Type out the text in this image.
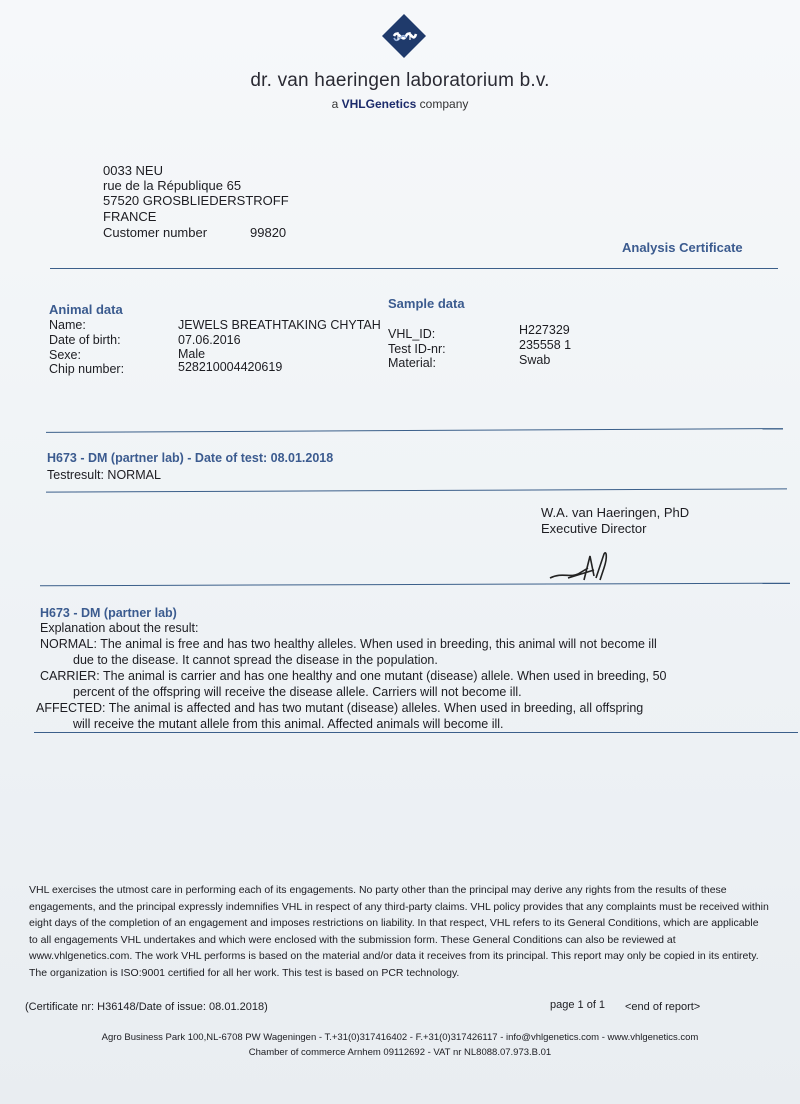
dr. van haeringen laboratorium b.v.
a VHLGenetics company
0033 NEU
rue de la République 65
57520 GROSBLIEDERSTROFF
FRANCE
Customer number	99820
Analysis Certificate
Animal data
Name:	JEWELS BREATHTAKING CHYTAH
Date of birth:	07.06.2016
Sexe:	Male
Chip number:	528210004420619
Sample data
VHL_ID:	H227329
Test ID-nr:	235558 1
Material:	Swab
H673 - DM (partner lab) - Date of test: 08.01.2018
Testresult: NORMAL
W.A. van Haeringen, PhD
Executive Director
H673 - DM (partner lab)
Explanation about the result:
NORMAL: The animal is free and has two healthy alleles. When used in breeding, this animal will not become ill
due to the disease. It cannot spread the disease in the population.
CARRIER: The animal is carrier and has one healthy and one mutant (disease) allele. When used in breeding, 50
percent of the offspring will receive the disease allele. Carriers will not become ill.
AFFECTED: The animal is affected and has two mutant (disease) alleles. When used in breeding, all offspring
will receive the mutant allele from this animal. Affected animals will become ill.
VHL exercises the utmost care in performing each of its engagements. No party other than the principal may derive any rights from the results of these engagements, and the principal expressly indemnifies VHL in respect of any third-party claims. VHL policy provides that any complaints must be received within eight days of the completion of an engagement and imposes restrictions on liability. In that respect, VHL refers to its General Conditions, which are applicable to all engagements VHL undertakes and which were enclosed with the submission form. These General Conditions can also be reviewed at www.vhlgenetics.com. The work VHL performs is based on the material and/or data it receives from its principal. This report may only be copied in its entirety. The organization is ISO:9001 certified for all her work. This test is based on PCR technology.
(Certificate nr: H36148/Date of issue: 08.01.2018)	page 1 of 1 <end of report>
Agro Business Park 100,NL-6708 PW Wageningen - T.+31(0)317416402 - F.+31(0)317426117 - info@vhlgenetics.com - www.vhlgenetics.com
Chamber of commerce Arnhem 09112692 - VAT nr NL8088.07.973.B.01
